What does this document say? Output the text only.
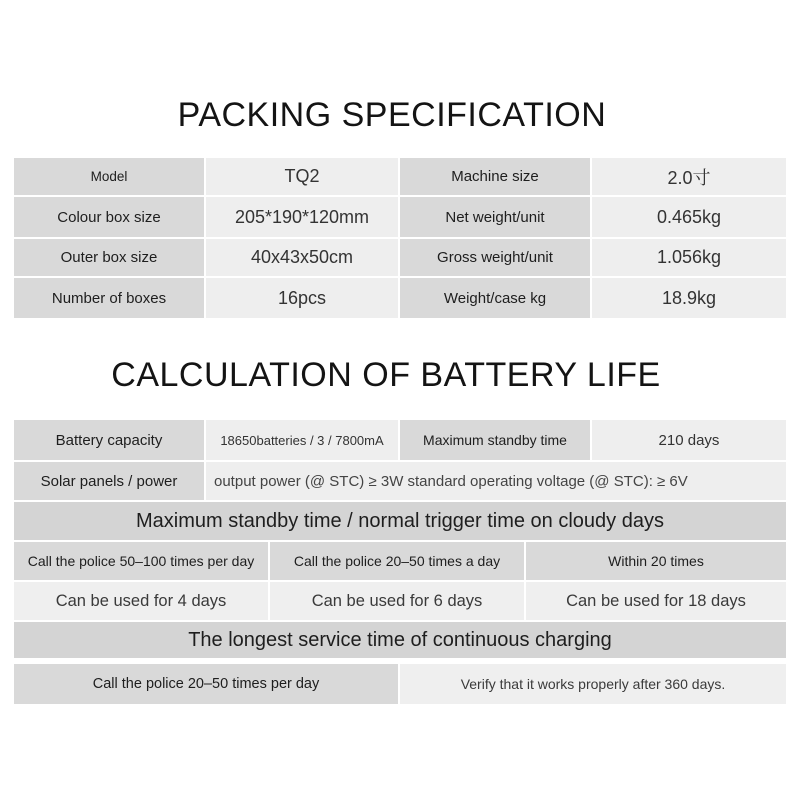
PACKING SPECIFICATION
Model	TQ2	Machine size	2.0寸
Colour box size	205*190*120mm	Net weight/unit	0.465kg
Outer box size	40x43x50cm	Gross weight/unit	1.056kg
Number of boxes	16pcs	Weight/case kg	18.9kg
CALCULATION OF BATTERY LIFE
Battery capacity	18650batteries / 3 / 7800mA	Maximum standby time	210 days
Solar panels / power	output power (@ STC) ≥ 3W standard operating voltage (@ STC): ≥ 6V
Maximum standby time / normal trigger time on cloudy days
Call the police 50–100 times per day	Call the police 20–50 times a day	Within 20 times
Can be used for 4 days	Can be used for 6 days	Can be used for 18 days
The longest service time of continuous charging
Call the police 20–50 times per day	Verify that it works properly after 360 days.
